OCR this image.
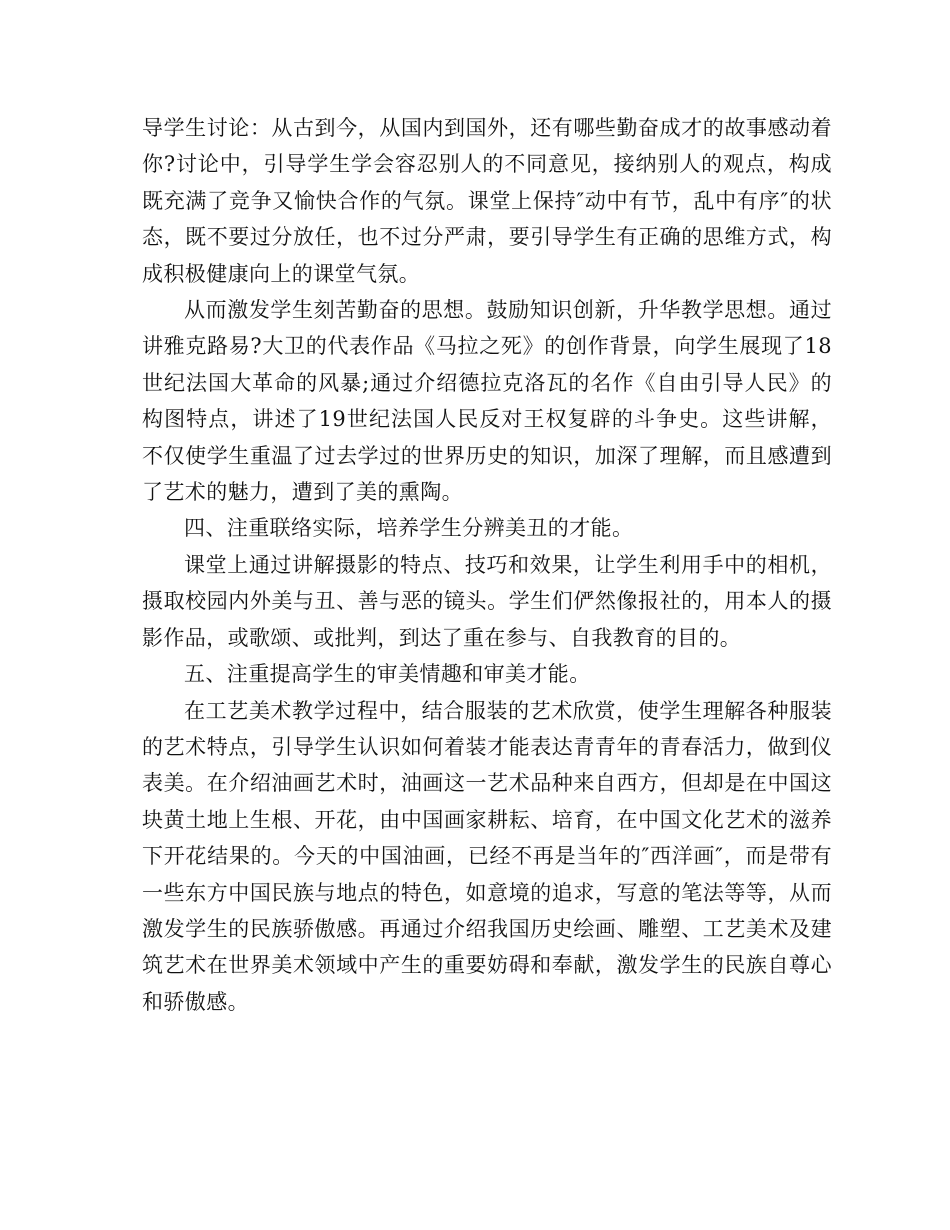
导学生讨论：从古到今，从国内到国外，还有哪些勤奋成才的故事感动着你?讨论中，引导学生学会容忍别人的不同意见，接纳别人的观点，构成既充满了竞争又愉快合作的气氛。课堂上保持″动中有节，乱中有序″的状态，既不要过分放任，也不过分严肃，要引导学生有正确的思维方式，构成积极健康向上的课堂气氛。

从而激发学生刻苦勤奋的思想。鼓励知识创新，升华教学思想。通过讲雅克路易?大卫的代表作品《马拉之死》的创作背景，向学生展现了18世纪法国大革命的风暴;通过介绍德拉克洛瓦的名作《自由引导人民》的构图特点，讲述了19世纪法国人民反对王权复辟的斗争史。这些讲解，不仅使学生重温了过去学过的世界历史的知识，加深了理解，而且感遭到了艺术的魅力，遭到了美的熏陶。

四、注重联络实际，培养学生分辨美丑的才能。

课堂上通过讲解摄影的特点、技巧和效果，让学生利用手中的相机，摄取校园内外美与丑、善与恶的镜头。学生们俨然像报社的，用本人的摄影作品，或歌颂、或批判，到达了重在参与、自我教育的目的。

五、注重提高学生的审美情趣和审美才能。

在工艺美术教学过程中，结合服装的艺术欣赏，使学生理解各种服装的艺术特点，引导学生认识如何着装才能表达青青年的青春活力，做到仪表美。在介绍油画艺术时，油画这一艺术品种来自西方，但却是在中国这块黄土地上生根、开花，由中国画家耕耘、培育，在中国文化艺术的滋养下开花结果的。今天的中国油画，已经不再是当年的″西洋画″，而是带有一些东方中国民族与地点的特色，如意境的追求，写意的笔法等等，从而激发学生的民族骄傲感。再通过介绍我国历史绘画、雕塑、工艺美术及建筑艺术在世界美术领域中产生的重要妨碍和奉献，激发学生的民族自尊心和骄傲感。
